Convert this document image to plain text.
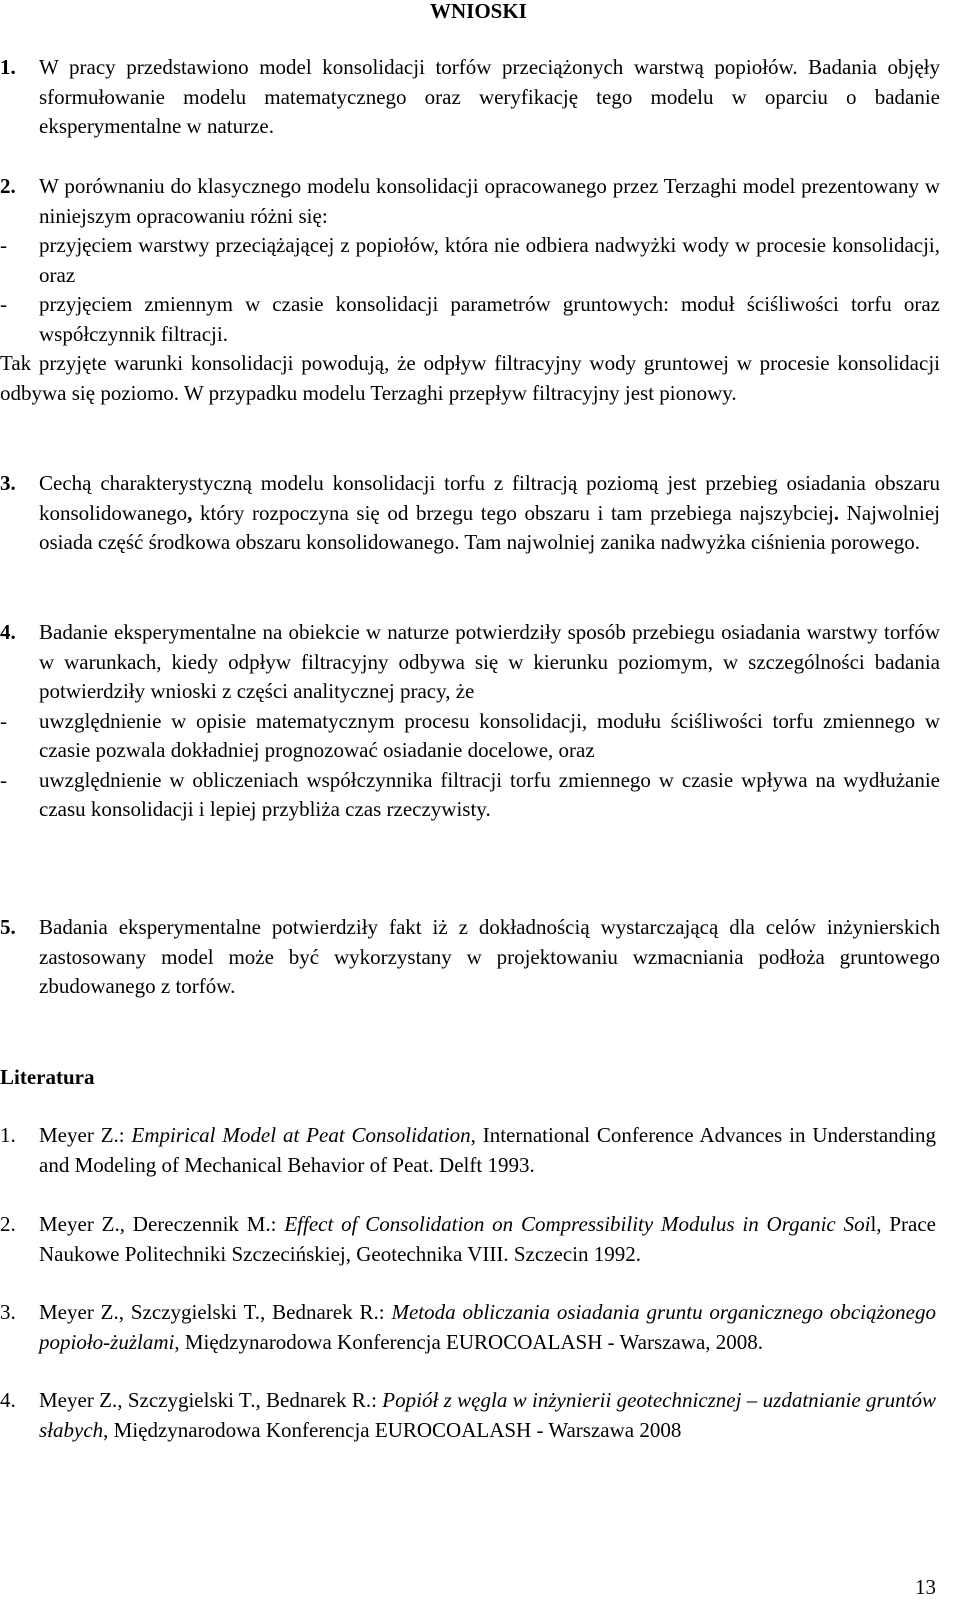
WNIOSKI
1. W pracy przedstawiono model konsolidacji torfów przeciążonych warstwą popiołów. Badania objęły sformułowanie modelu matematycznego oraz weryfikację tego modelu w oparciu o badanie eksperymentalne w naturze.
2. W porównaniu do klasycznego modelu konsolidacji opracowanego przez Terzaghi model prezentowany w niniejszym opracowaniu różni się:
- przyjęciem warstwy przeciążającej z popiołów, która nie odbiera nadwyżki wody w procesie konsolidacji, oraz
- przyjęciem zmiennym w czasie konsolidacji parametrów gruntowych: moduł ściśliwości torfu oraz współczynnik filtracji.
Tak przyjęte warunki konsolidacji powodują, że odpływ filtracyjny wody gruntowej w procesie konsolidacji odbywa się poziomo. W przypadku modelu Terzaghi przepływ filtracyjny jest pionowy.
3. Cechą charakterystyczną modelu konsolidacji torfu z filtracją poziomą jest przebieg osiadania obszaru konsolidowanego, który rozpoczyna się od brzegu tego obszaru i tam przebiega najszybciej. Najwolniej osiada część środkowa obszaru konsolidowanego. Tam najwolniej zanika nadwyżka ciśnienia porowego.
4. Badanie eksperymentalne na obiekcie w naturze potwierdziły sposób przebiegu osiadania warstwy torfów w warunkach, kiedy odpływ filtracyjny odbywa się w kierunku poziomym, w szczególności badania potwierdziły wnioski z części analitycznej pracy, że
- uwzględnienie w opisie matematycznym procesu konsolidacji, modułu ściśliwości torfu zmiennego w czasie pozwala dokładniej prognozować osiadanie docelowe, oraz
- uwzględnienie w obliczeniach współczynnika filtracji torfu zmiennego w czasie wpływa na wydłużanie czasu konsolidacji i lepiej przybliża czas rzeczywisty.
5. Badania eksperymentalne potwierdziły fakt iż z dokładnością wystarczającą dla celów inżynierskich zastosowany model może być wykorzystany w projektowaniu wzmacniania podłoża gruntowego zbudowanego z torfów.
Literatura
1. Meyer Z.: Empirical Model at Peat Consolidation, International Conference Advances in Understanding and Modeling of Mechanical Behavior of Peat. Delft 1993.
2. Meyer Z., Dereczennik M.: Effect of Consolidation on Compressibility Modulus in Organic Soil, Prace Naukowe Politechniki Szczecińskiej, Geotechnika VIII. Szczecin 1992.
3. Meyer Z., Szczygielski T., Bednarek R.: Metoda obliczania osiadania gruntu organicznego obciążonego popioło-żużlami, Międzynarodowa Konferencja EUROCOALASH - Warszawa, 2008.
4. Meyer Z., Szczygielski T., Bednarek R.: Popiół z węgla w inżynierii geotechnicznej – uzdatnianie gruntów słabych, Międzynarodowa Konferencja EUROCOALASH - Warszawa 2008
13
